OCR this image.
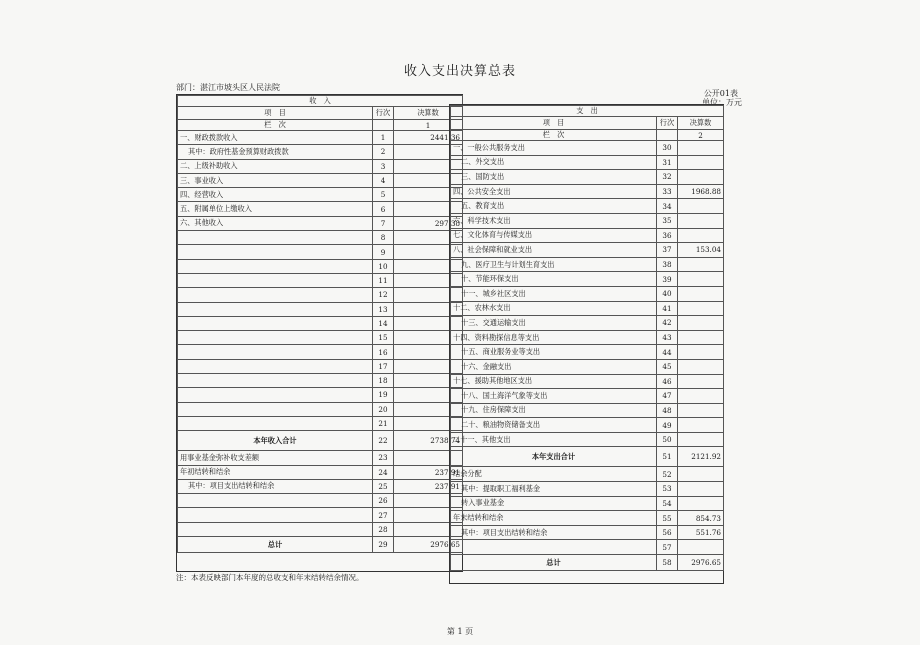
收入支出决算总表
部门：湛江市坡头区人民法院
公开01表
单位：万元
收　入		
项　目	行次	决算数
栏　次		1
一、财政拨款收入	1	2441.36
其中：政府性基金预算财政拨款	2	
二、上级补助收入	3	
三、事业收入	4	
四、经营收入	5	
五、附属单位上缴收入	6	
六、其他收入	7	297.38
	8	
	9	
	10	
	11	
	12	
	13	
	14	
	15	
	16	
	17	
	18	
	19	
	20	
	21	
本年收入合计	22	2738.74
用事业基金弥补收支差额	23	
年初结转和结余	24	237.91
其中：项目支出结转和结余	25	237.91
	26	
	27	
	28	
总计	29	2976.65
支　出		
项　目	行次	决算数
栏　次		2
一、一般公共服务支出	30	
二、外交支出	31	
三、国防支出	32	
四、公共安全支出	33	1968.88
五、教育支出	34	
六、科学技术支出	35	
七、文化体育与传媒支出	36	
八、社会保障和就业支出	37	153.04
九、医疗卫生与计划生育支出	38	
十、节能环保支出	39	
十一、城乡社区支出	40	
十二、农林水支出	41	
十三、交通运输支出	42	
十四、资料勘探信息等支出	43	
十五、商业服务业等支出	44	
十六、金融支出	45	
十七、援助其他地区支出	46	
十八、国土海洋气象等支出	47	
十九、住房保障支出	48	
二十、粮油物资储备支出	49	
二十一、其他支出	50	
本年支出合计	51	2121.92
结余分配	52	
其中：提取职工福利基金	53	
转入事业基金	54	
年末结转和结余	55	854.73
其中：项目支出结转和结余	56	551.76
	57	
总计	58	2976.65
注：本表反映部门本年度的总收支和年末结转结余情况。
第 1 页
